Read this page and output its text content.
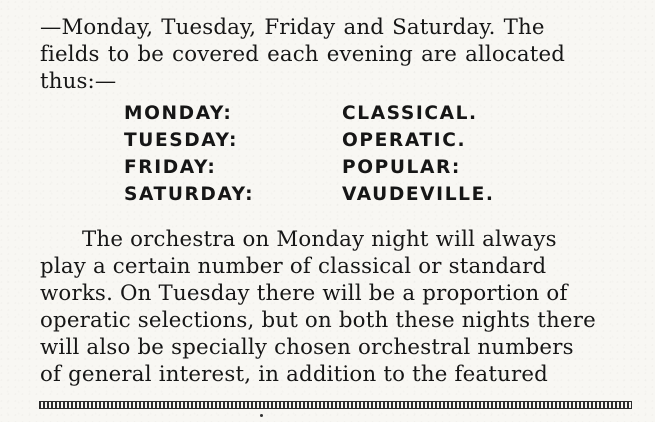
—Monday, Tuesday, Friday and Saturday. The
fields to be covered each evening are allocated
thus:—
MONDAY:	CLASSICAL.
TUESDAY:	OPERATIC.
FRIDAY:	POPULAR:
SATURDAY:	VAUDEVILLE.
The orchestra on Monday night will always
play a certain number of classical or standard
works. On Tuesday there will be a proportion of
operatic selections, but on both these nights there
will also be specially chosen orchestral numbers
of general interest, in addition to the featured
